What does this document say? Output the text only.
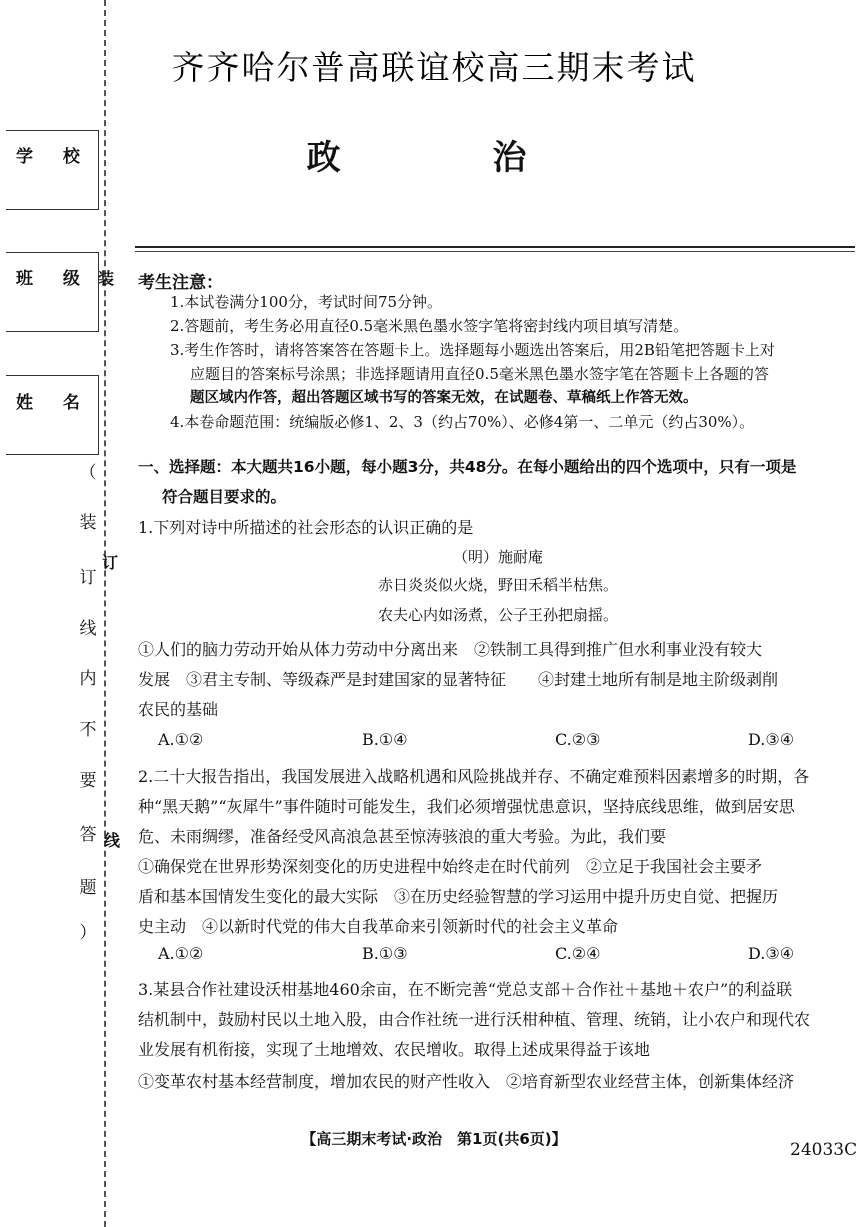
学 校
班 级
姓 名
装
订
线
（
装
订
线
内
不
要
答
题
）
齐齐哈尔普高联谊校高三期末考试
政 治
考生注意：
1.本试卷满分100分，考试时间75分钟。
2.答题前，考生务必用直径0.5毫米黑色墨水签字笔将密封线内项目填写清楚。
3.考生作答时，请将答案答在答题卡上。选择题每小题选出答案后，用2B铅笔把答题卡上对
应题目的答案标号涂黑；非选择题请用直径0.5毫米黑色墨水签字笔在答题卡上各题的答
题区域内作答，超出答题区域书写的答案无效，在试题卷、草稿纸上作答无效。
4.本卷命题范围：统编版必修1、2、3（约占70%）、必修4第一、二单元（约占30%）。
一、选择题：本大题共16小题，每小题3分，共48分。在每小题给出的四个选项中，只有一项是
符合题目要求的。
1.下列对诗中所描述的社会形态的认识正确的是
（明）施耐庵
赤日炎炎似火烧，野田禾稻半枯焦。
农夫心内如汤煮，公子王孙把扇摇。
①人们的脑力劳动开始从体力劳动中分离出来　②铁制工具得到推广但水利事业没有较大
发展　③君主专制、等级森严是封建国家的显著特征　　④封建土地所有制是地主阶级剥削
农民的基础
A.①②	B.①④	C.②③	D.③④
2.二十大报告指出，我国发展进入战略机遇和风险挑战并存、不确定难预料因素增多的时期，各
种“黑天鹅”“灰犀牛”事件随时可能发生，我们必须增强忧患意识，坚持底线思维，做到居安思
危、未雨绸缪，准备经受风高浪急甚至惊涛骇浪的重大考验。为此，我们要
①确保党在世界形势深刻变化的历史进程中始终走在时代前列　②立足于我国社会主要矛
盾和基本国情发生变化的最大实际　③在历史经验智慧的学习运用中提升历史自觉、把握历
史主动　④以新时代党的伟大自我革命来引领新时代的社会主义革命
A.①②	B.①③	C.②④	D.③④
3.某县合作社建设沃柑基地460余亩，在不断完善“党总支部＋合作社＋基地＋农户”的利益联
结机制中，鼓励村民以土地入股，由合作社统一进行沃柑种植、管理、统销，让小农户和现代农
业发展有机衔接，实现了土地增效、农民增收。取得上述成果得益于该地
①变革农村基本经营制度，增加农民的财产性收入　②培育新型农业经营主体，创新集体经济
【高三期末考试·政治　第1页(共6页)】
24033C
